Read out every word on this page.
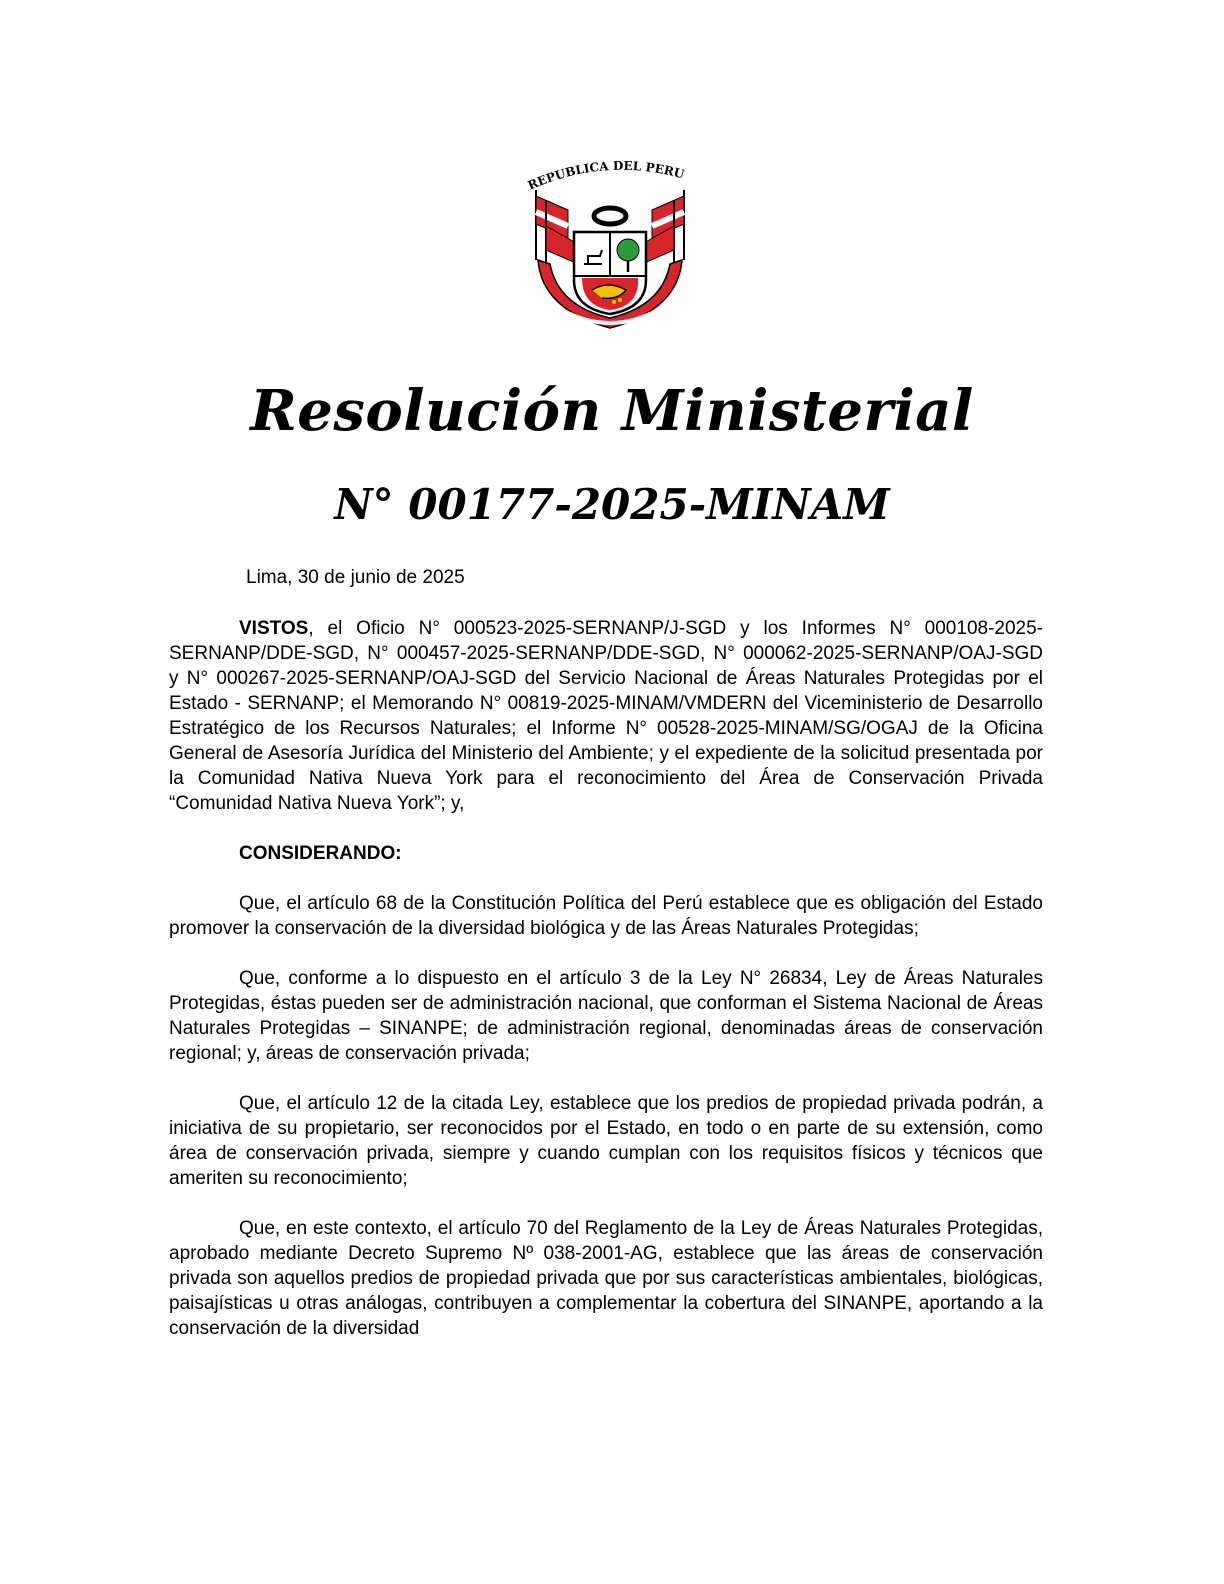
REPUBLICA DEL PERU
Resolución Ministerial
N° 00177-2025-MINAM
Lima, 30 de junio de 2025

VISTOS, el Oficio N° 000523-2025-SERNANP/J-SGD y los Informes N° 000108-2025-SERNANP/DDE-SGD, N° 000457-2025-SERNANP/DDE-SGD, N° 000062-2025-SERNANP/OAJ-SGD y N° 000267-2025-SERNANP/OAJ-SGD del Servicio Nacional de Áreas Naturales Protegidas por el Estado - SERNANP; el Memorando N° 00819-2025-MINAM/VMDERN del Viceministerio de Desarrollo Estratégico de los Recursos Naturales; el Informe N° 00528-2025-MINAM/SG/OGAJ de la Oficina General de Asesoría Jurídica del Ministerio del Ambiente; y el expediente de la solicitud presentada por la Comunidad Nativa Nueva York para el reconocimiento del Área de Conservación Privada “Comunidad Nativa Nueva York”; y,

CONSIDERANDO:

Que, el artículo 68 de la Constitución Política del Perú establece que es obligación del Estado promover la conservación de la diversidad biológica y de las Áreas Naturales Protegidas;

Que, conforme a lo dispuesto en el artículo 3 de la Ley N° 26834, Ley de Áreas Naturales Protegidas, éstas pueden ser de administración nacional, que conforman el Sistema Nacional de Áreas Naturales Protegidas – SINANPE; de administración regional, denominadas áreas de conservación regional; y, áreas de conservación privada;

Que, el artículo 12 de la citada Ley, establece que los predios de propiedad privada podrán, a iniciativa de su propietario, ser reconocidos por el Estado, en todo o en parte de su extensión, como área de conservación privada, siempre y cuando cumplan con los requisitos físicos y técnicos que ameriten su reconocimiento;

Que, en este contexto, el artículo 70 del Reglamento de la Ley de Áreas Naturales Protegidas, aprobado mediante Decreto Supremo Nº 038-2001-AG, establece que las áreas de conservación privada son aquellos predios de propiedad privada que por sus características ambientales, biológicas, paisajísticas u otras análogas, contribuyen a complementar la cobertura del SINANPE, aportando a la conservación de la diversidad
